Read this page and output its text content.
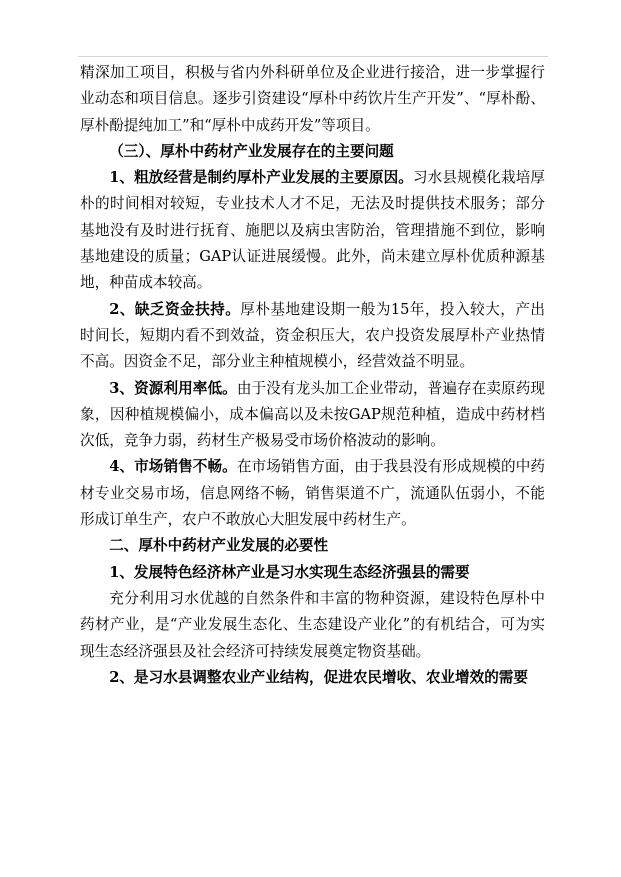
精深加工项目，积极与省内外科研单位及企业进行接洽，进一步掌握行业动态和项目信息。逐步引资建设“厚朴中药饮片生产开发”、“厚朴酚、厚朴酚提纯加工”和“厚朴中成药开发”等项目。

（三）、厚朴中药材产业发展存在的主要问题

1、粗放经营是制约厚朴产业发展的主要原因。习水县规模化栽培厚朴的时间相对较短，专业技术人才不足，无法及时提供技术服务；部分基地没有及时进行抚育、施肥以及病虫害防治，管理措施不到位，影响基地建设的质量；GAP认证进展缓慢。此外，尚未建立厚朴优质种源基地，种苗成本较高。

2、缺乏资金扶持。厚朴基地建设期一般为15年，投入较大，产出时间长，短期内看不到效益，资金积压大，农户投资发展厚朴产业热情不高。因资金不足，部分业主种植规模小，经营效益不明显。

3、资源利用率低。由于没有龙头加工企业带动，普遍存在卖原药现象，因种植规模偏小，成本偏高以及未按GAP规范种植，造成中药材档次低，竞争力弱，药材生产极易受市场价格波动的影响。

4、市场销售不畅。在市场销售方面，由于我县没有形成规模的中药材专业交易市场，信息网络不畅，销售渠道不广，流通队伍弱小，不能形成订单生产，农户不敢放心大胆发展中药材生产。

二、厚朴中药材产业发展的必要性

1、发展特色经济林产业是习水实现生态经济强县的需要

充分利用习水优越的自然条件和丰富的物种资源，建设特色厚朴中药材产业，是“产业发展生态化、生态建设产业化”的有机结合，可为实现生态经济强县及社会经济可持续发展奠定物资基础。

2、是习水县调整农业产业结构，促进农民增收、农业增效的需要
